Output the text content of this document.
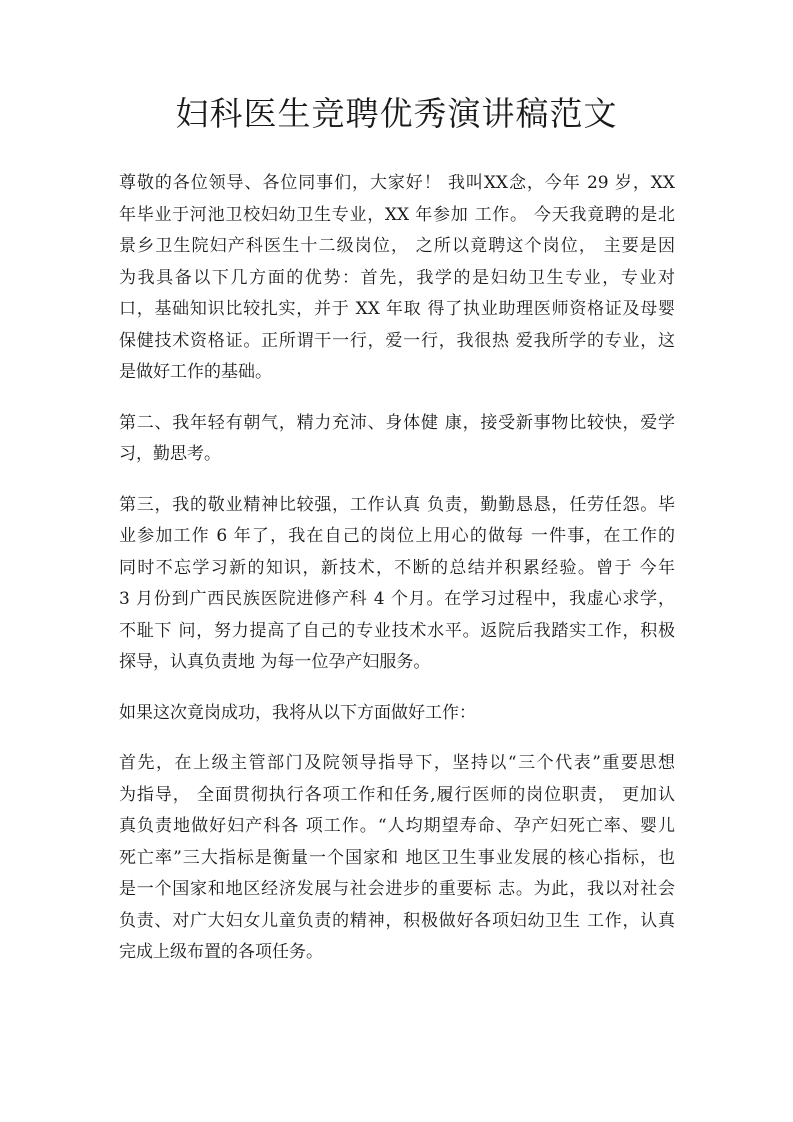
妇科医生竞聘优秀演讲稿范文
尊敬的各位领导、各位同事们，大家好！ 我叫XX念，今年 29 岁，XX
年毕业于河池卫校妇幼卫生专业，XX 年参加 工作。 今天我竟聘的是北
景乡卫生院妇产科医生十二级岗位， 之所以竟聘这个岗位， 主要是因
为我具备以下几方面的优势：首先，我学的是妇幼卫生专业，专业对
口，基础知识比较扎实，并于 XX 年取 得了执业助理医师资格证及母婴
保健技术资格证。正所谓干一行，爱一行，我很热 爱我所学的专业，这
是做好工作的基础。
第二、我年轻有朝气，精力充沛、身体健 康，接受新事物比较快，爱学
习，勤思考。
第三，我的敬业精神比较强，工作认真 负责，勤勤恳恳，任劳任怨。毕
业参加工作 6 年了，我在自己的岗位上用心的做每 一件事，在工作的
同时不忘学习新的知识，新技术，不断的总结并积累经验。曾于 今年
3 月份到广西民族医院进修产科 4 个月。在学习过程中，我虚心求学，
不耻下 问，努力提高了自己的专业技术水平。返院后我踏实工作，积极
探导，认真负责地 为每一位孕产妇服务。
如果这次竟岗成功，我将从以下方面做好工作：
首先，在上级主管部门及院领导指导下，坚持以“三个代表”重要思想
为指导， 全面贯彻执行各项工作和任务,履行医师的岗位职责， 更加认
真负责地做好妇产科各 项工作。“人均期望寿命、孕产妇死亡率、婴儿
死亡率”三大指标是衡量一个国家和 地区卫生事业发展的核心指标，也
是一个国家和地区经济发展与社会进步的重要标 志。为此，我以对社会
负责、对广大妇女儿童负责的精神，积极做好各项妇幼卫生 工作，认真
完成上级布置的各项任务。
